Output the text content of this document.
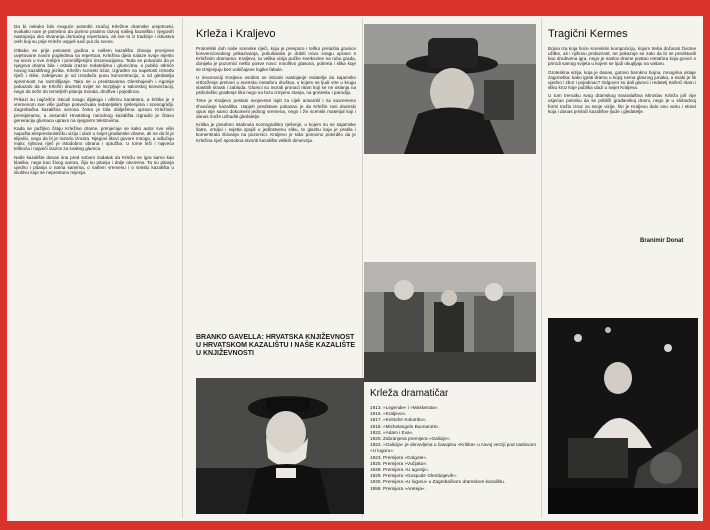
Da bi nekako bilo moguće potvrditi značaj Krležine dramske umjetnosti, svakako nam je potrebno da pomno pratimo razvoj našeg kazališta i njegovih nastojanja oko stvaranja domaćeg repertoara, ali sve to iz tradicije i iskustva onih koji su prije Krleže uspjeli naći put do scene.

Otkako se prije petnaest godina u našem kazalištu zbivaju promjene uvjetovane novim pogledima na repertoar, Krležina djela nalaze svoje mjesto na sceni u sve zrelijim i promišljenijim inscenacijama. Tada se pokazalo da je njegova drama bila i ostala izazov redateljima i glumcima, a publici otkriće novog kazališnog jezika. Krležin scenski izraz, izgrađen na napetosti između riječi i slike, zahtijevao je od izvođača punu koncentraciju, a od gledatelja spremnost na razmišljanje. Tako se u predstavama Glembajevih i Agonije pokazalo da se Krležin dramski svijet ne iscrpljuje u salonskoj konverzaciji, nego da seže do temeljnih pitanja morala, društva i pojedinca.

Prikazi su najčešće isticali snagu dijaloga i oštrinu karaktera, a kritika je s vremenom sve više pažnje posvećivala redateljskim rješenjima i scenografiji. Zagrebačka kazališna sezona često je bila obilježena upravo Krležinim premijerama, a ansambl Hrvatskog narodnog kazališta izgradio je čitavu generaciju glumaca upravo na njegovim tekstovima.

Kada se pažljivo čitaju Krležine drame, primjećuje se kako autor sve više napušta ekspresionističku viziju i ulazi u svijet građanske drame, ali ne da bi je slijedio, nego da bi je razorio iznutra. Njegovi likovi govore mnogo, a odlučuju malo; njihova riječ je istodobno obrana i optužba. U tome leži i najveća teškoća i najveći izazov za svakog glumca.

Naše kazalište danas ima pred sobom zadatak da Krležu ne igra samo kao klasika, nego kao živog autora, čija su pitanja i dalje otvorena. Ta su pitanja ujedno i pitanja o nama samima, o našem vremenu i o smislu kazališta u društvu koje se neprestano mijenja.

Krleža i Kraljevo

Prokrelski duh naše scenske riječi, koja je presporo i teško prelazila granice konvencionalnog prikazivanja, pokušavala je dobiti novu snagu upravo s Krležinim dramama. Kraljevo, ta velika vizija pučke svetkovine na rubu grada, donijela je pozornici nešto posve novo: mnoštvo glasova, pokreta i slika koje se izmjenjuju bez uobičajene logike fabule.

U inscenaciji Kraljeva osobito se isticalo nastojanje redatelja da sajamsko vrtlozženje pretvori u scensku metaforu društva, u kojem se ljudi vrte u krugu vlastitih strasti i zabluda. Glumci su morali pronaći ritam koji se ne oslanja na psihološko građenje lika nego na brzu izmjenu stanja, na grotesku i parodiju.

Time je Kraljevo postalo svojevrsni ispit za cijeli ansambl i za suvremeno shvaćanje kazališta. Uspjeh predstave pokazao je da Krležin rani dramski opus nije samo dokument jednog vremena, nego i živ scenski materijal koji i danas može uzbuditi gledatelje.

Kritika je posebno istaknula scenografsko rješenje, u kojem su se sajamske šatre, vrtuljci i svjetla spojili u jedinstvenu sliku, te glazbu koja je pratila i komentirala zbivanja na pozornici. Kraljevo je tako ponovno potvrdilo da je Krležina riječ sposobna stvoriti kazalište velikih dimenzija.

BRANKO GAVELLA: HRVATSKA KNJIŽEVNOST U HRVATSKOM KAZALIŠTU I NAŠE KAZALIŠTE U KNJIŽEVNOSTI
Krleža dramatičar
1913. »Legende« i »Maskerata«.
1915. »Kraljevo«.
1917. »Kristofor Kolumbo«.
1918. »Michelangelo Buonarotti«.
1922. »Adam i Eva«.
1920. Zabranjena premijera »Galicije«.
1922. »Galicija« je obnovljena u časopisu »Kritika« u novoj verziji pod naslovom »U logoru«.
1923. Premijera »Golgote«.
1925. Premijera »Vučjaka«.
1928. Premijera »U agoniji«.
1929. Premijera »Gospode Glembajevih«.
1930. Premijera »U logoru« u Zagrebačkom dramskom kazalištu.
1958. Premijera »Areteja«.
Tragični Kermes

Bojna Iza koja hoće scenskim kompoziciju, kojom treba dočarati životne užitke, ali i njihovu prolaznost, ne pokazuje se zato da bi se predstavili kao drudtvena igra, nego je naslov drame postao metafora koja govori o prirodi samog svijeta u kojem se ljudi okupljaju na vašaru.

Groteskna vizija, koja je danas, gotovo barokno bujna, mnogima ostaje zagonetka: kako igrati dramu u kojoj nema glavnog junaka, a svaki je lik ujedno i zbor i pojedinac? Odgovor su dali glumci i redatelj tražeći ritam i sliku kroz koje publika ulazi u svijet Kraljeva.

U tom trenutku svog dramskog stvaralaštva Miroslav Krleža još nije osjećao potrebu da se približi građanskoj drami, nego je u slobodnoj formi tražio izraz za svoje vizije, što je Kraljevu dalo onu vatru i strast koja i danas privlači kazališne ljude i gledatelje.

Branimir Donat
